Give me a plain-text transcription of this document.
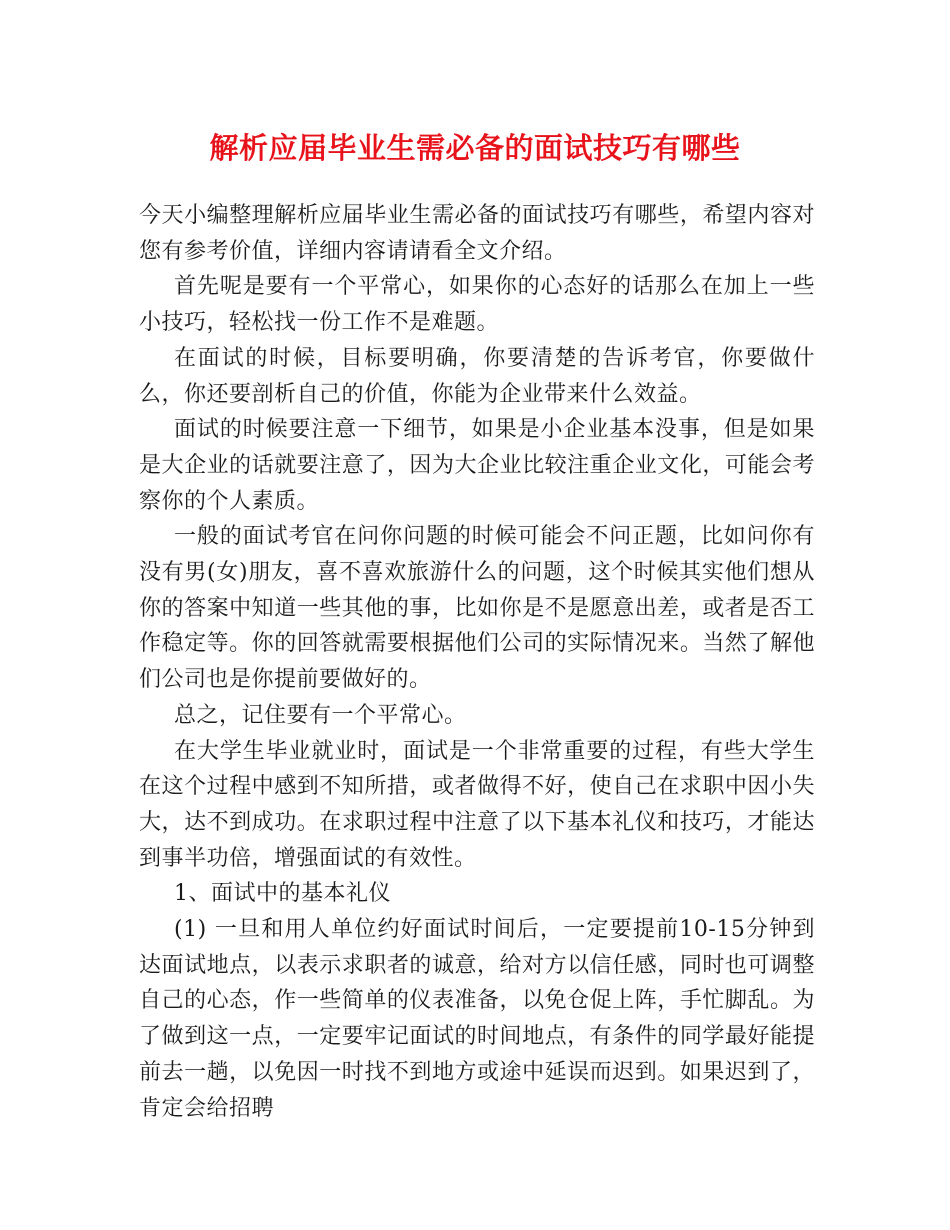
解析应届毕业生需必备的面试技巧有哪些

今天小编整理解析应届毕业生需必备的面试技巧有哪些，希望内容对您有参考价值，详细内容请请看全文介绍。

首先呢是要有一个平常心，如果你的心态好的话那么在加上一些小技巧，轻松找一份工作不是难题。

在面试的时候，目标要明确，你要清楚的告诉考官，你要做什么，你还要剖析自己的价值，你能为企业带来什么效益。

面试的时候要注意一下细节，如果是小企业基本没事，但是如果是大企业的话就要注意了，因为大企业比较注重企业文化，可能会考察你的个人素质。

一般的面试考官在问你问题的时候可能会不问正题，比如问你有没有男(女)朋友，喜不喜欢旅游什么的问题，这个时候其实他们想从你的答案中知道一些其他的事，比如你是不是愿意出差，或者是否工作稳定等。你的回答就需要根据他们公司的实际情况来。当然了解他们公司也是你提前要做好的。

总之，记住要有一个平常心。

在大学生毕业就业时，面试是一个非常重要的过程，有些大学生在这个过程中感到不知所措，或者做得不好，使自己在求职中因小失大，达不到成功。在求职过程中注意了以下基本礼仪和技巧，才能达到事半功倍，增强面试的有效性。

1、面试中的基本礼仪

(1) 一旦和用人单位约好面试时间后，一定要提前10-15分钟到达面试地点，以表示求职者的诚意，给对方以信任感，同时也可调整自己的心态，作一些简单的仪表准备，以免仓促上阵，手忙脚乱。为了做到这一点，一定要牢记面试的时间地点，有条件的同学最好能提前去一趟，以免因一时找不到地方或途中延误而迟到。如果迟到了，肯定会给招聘
